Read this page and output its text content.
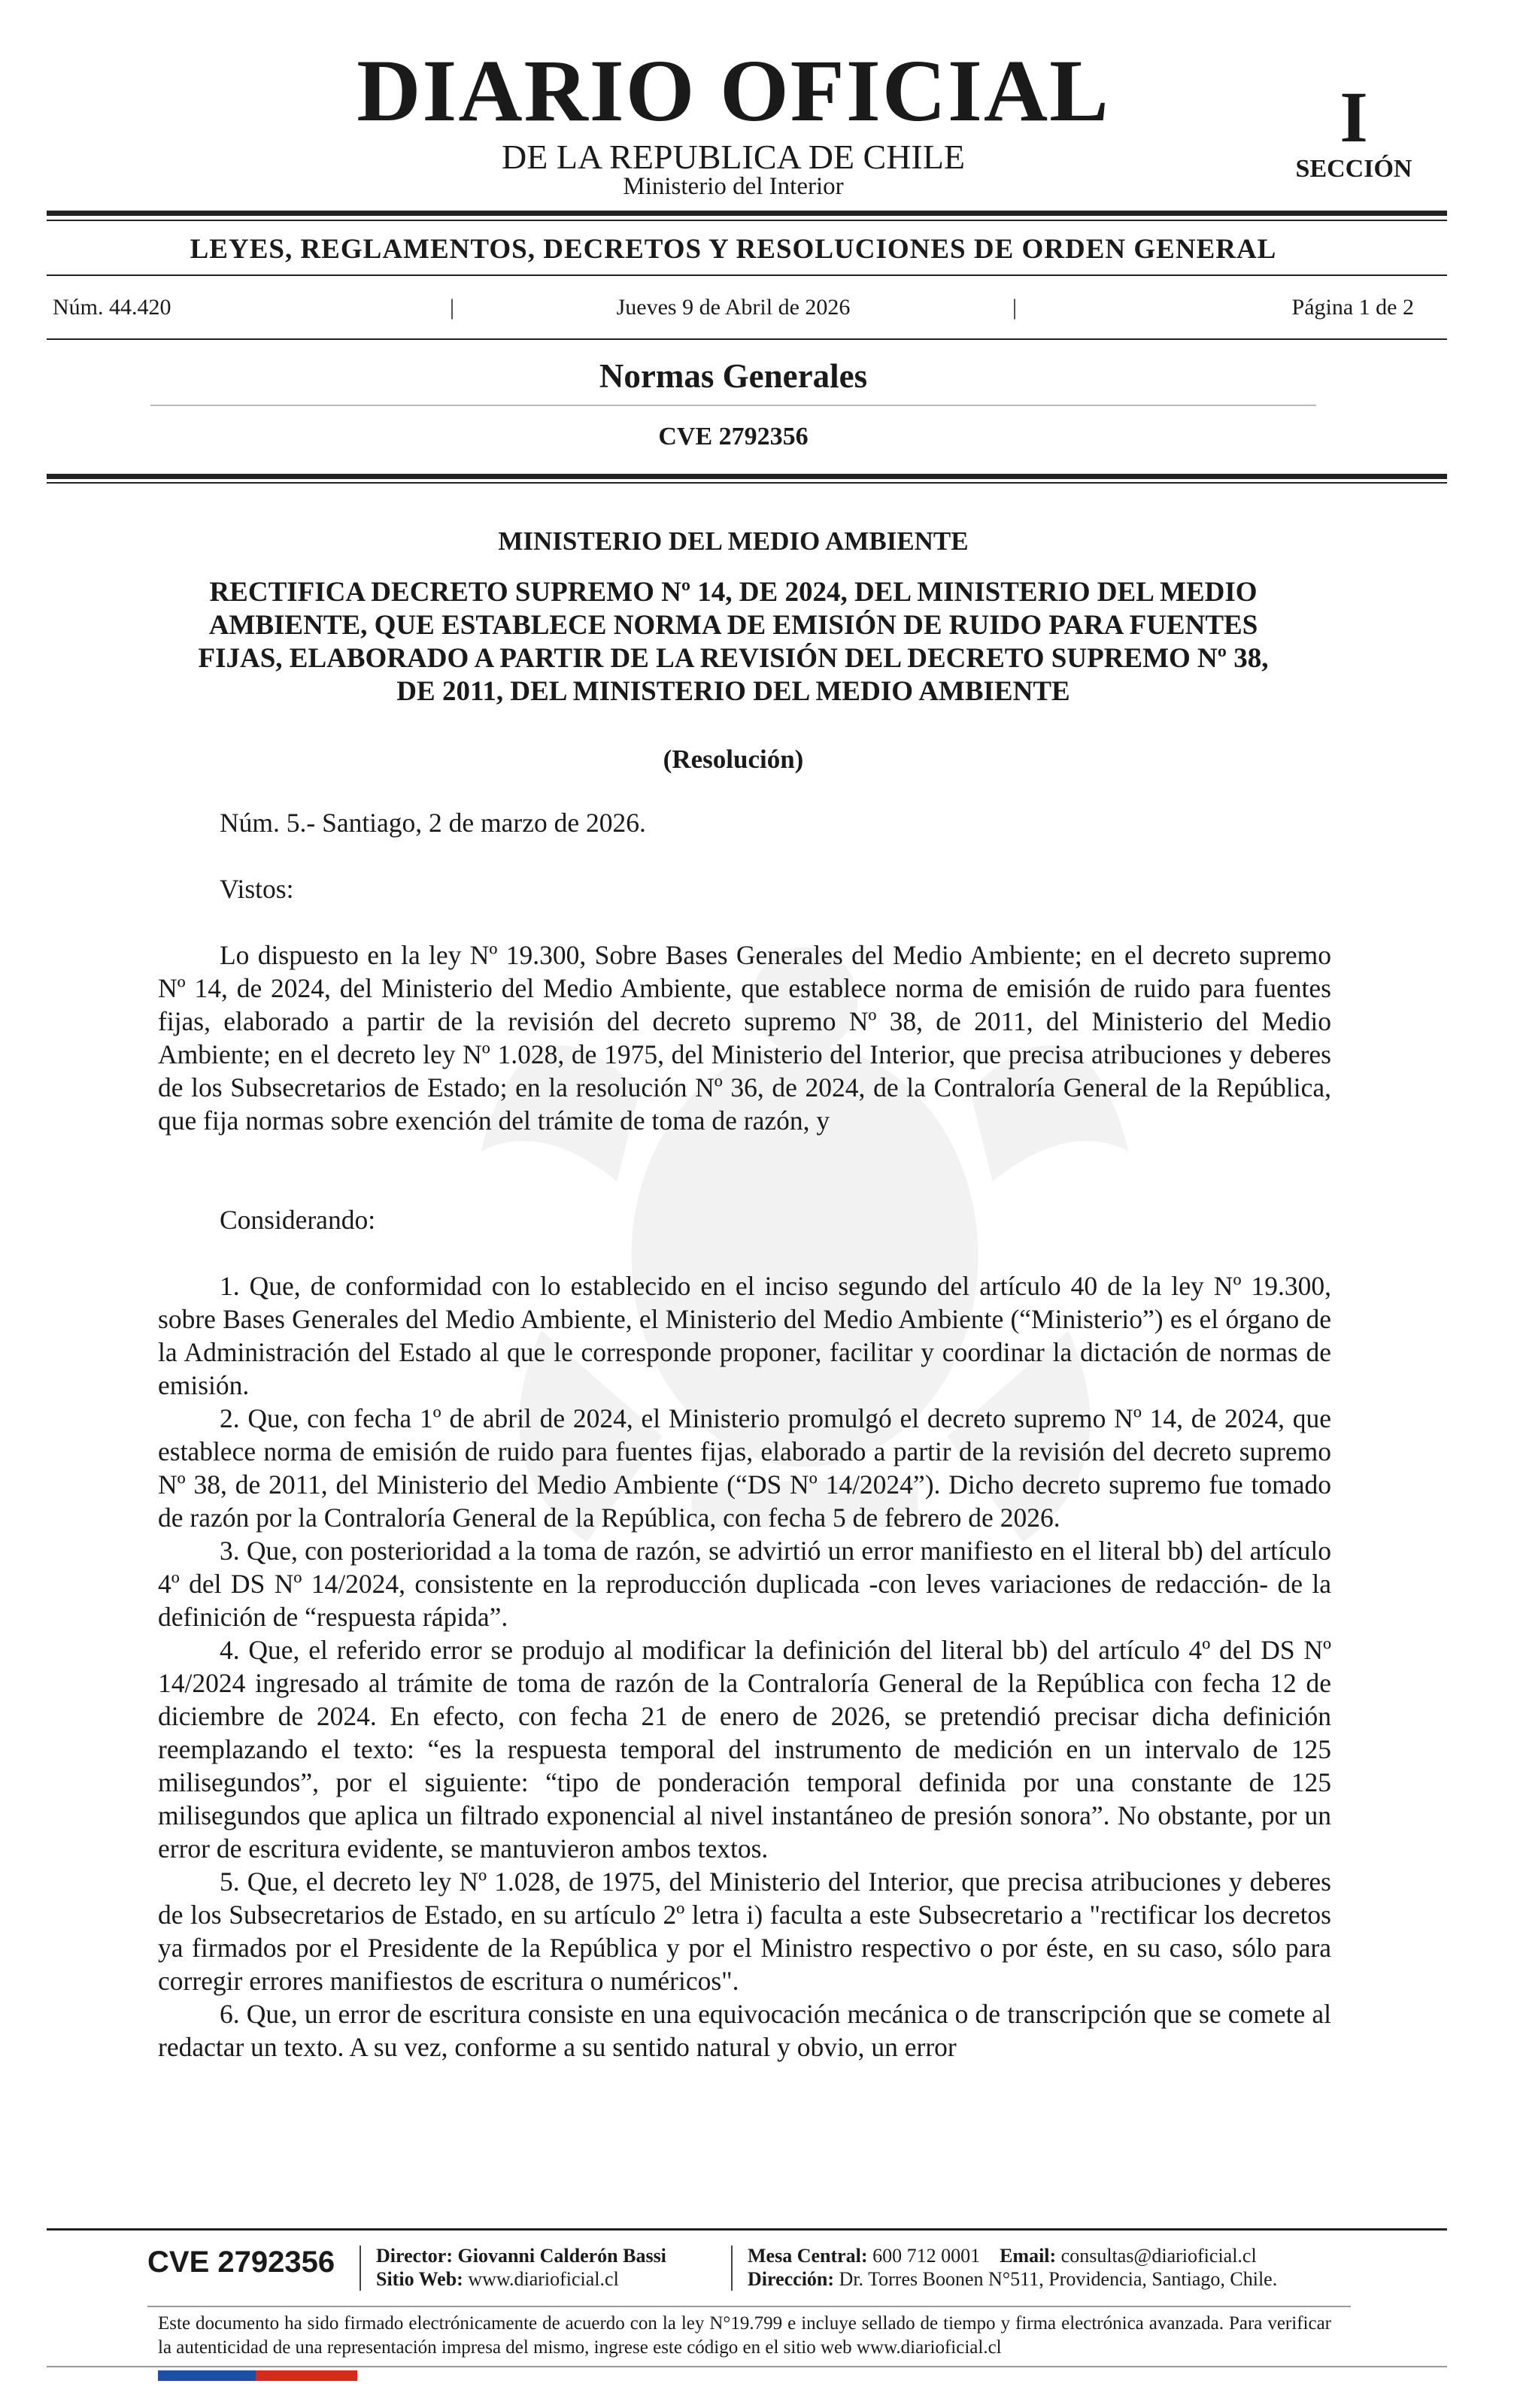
DIARIO OFICIAL
DE LA REPUBLICA DE CHILE
Ministerio del Interior
I
SECCIÓN
LEYES, REGLAMENTOS, DECRETOS Y RESOLUCIONES DE ORDEN GENERAL
Núm. 44.420	|	Jueves 9 de Abril de 2026	|	Página 1 de 2
Normas Generales
CVE 2792356
MINISTERIO DEL MEDIO AMBIENTE
RECTIFICA DECRETO SUPREMO Nº 14, DE 2024, DEL MINISTERIO DEL MEDIO
AMBIENTE, QUE ESTABLECE NORMA DE EMISIÓN DE RUIDO PARA FUENTES
FIJAS, ELABORADO A PARTIR DE LA REVISIÓN DEL DECRETO SUPREMO Nº 38,
DE 2011, DEL MINISTERIO DEL MEDIO AMBIENTE
(Resolución)
Núm. 5.- Santiago, 2 de marzo de 2026.
Vistos:

Lo dispuesto en la ley Nº 19.300, Sobre Bases Generales del Medio Ambiente; en el decreto supremo Nº 14, de 2024, del Ministerio del Medio Ambiente, que establece norma de emisión de ruido para fuentes fijas, elaborado a partir de la revisión del decreto supremo Nº 38, de 2011, del Ministerio del Medio Ambiente; en el decreto ley Nº 1.028, de 1975, del Ministerio del Interior, que precisa atribuciones y deberes de los Subsecretarios de Estado; en la resolución Nº 36, de 2024, de la Contraloría General de la República, que fija normas sobre exención del trámite de toma de razón, y

Considerando:

1. Que, de conformidad con lo establecido en el inciso segundo del artículo 40 de la ley Nº 19.300, sobre Bases Generales del Medio Ambiente, el Ministerio del Medio Ambiente (“Ministerio”) es el órgano de la Administración del Estado al que le corresponde proponer, facilitar y coordinar la dictación de normas de emisión.

2. Que, con fecha 1º de abril de 2024, el Ministerio promulgó el decreto supremo Nº 14, de 2024, que establece norma de emisión de ruido para fuentes fijas, elaborado a partir de la revisión del decreto supremo Nº 38, de 2011, del Ministerio del Medio Ambiente (“DS Nº 14/2024”). Dicho decreto supremo fue tomado de razón por la Contraloría General de la República, con fecha 5 de febrero de 2026.

3. Que, con posterioridad a la toma de razón, se advirtió un error manifiesto en el literal bb) del artículo 4º del DS Nº 14/2024, consistente en la reproducción duplicada -con leves variaciones de redacción- de la definición de “respuesta rápida”.

4. Que, el referido error se produjo al modificar la definición del literal bb) del artículo 4º del DS Nº 14/2024 ingresado al trámite de toma de razón de la Contraloría General de la República con fecha 12 de diciembre de 2024. En efecto, con fecha 21 de enero de 2026, se pretendió precisar dicha definición reemplazando el texto: “es la respuesta temporal del instrumento de medición en un intervalo de 125 milisegundos”, por el siguiente: “tipo de ponderación temporal definida por una constante de 125 milisegundos que aplica un filtrado exponencial al nivel instantáneo de presión sonora”. No obstante, por un error de escritura evidente, se mantuvieron ambos textos.

5. Que, el decreto ley Nº 1.028, de 1975, del Ministerio del Interior, que precisa atribuciones y deberes de los Subsecretarios de Estado, en su artículo 2º letra i) faculta a este Subsecretario a "rectificar los decretos ya firmados por el Presidente de la República y por el Ministro respectivo o por éste, en su caso, sólo para corregir errores manifiestos de escritura o numéricos".

6. Que, un error de escritura consiste en una equivocación mecánica o de transcripción que se comete al redactar un texto. A su vez, conforme a su sentido natural y obvio, un error

CVE 2792356 Director: Giovanni Calderón Bassi
Sitio Web: www.diarioficial.cl
Mesa Central: 600 712 0001 Email: consultas@diarioficial.cl
Dirección: Dr. Torres Boonen N°511, Providencia, Santiago, Chile.
Este documento ha sido firmado electrónicamente de acuerdo con la ley N°19.799 e incluye sellado de tiempo y firma electrónica avanzada. Para verificar la autenticidad de una representación impresa del mismo, ingrese este código en el sitio web www.diarioficial.cl
